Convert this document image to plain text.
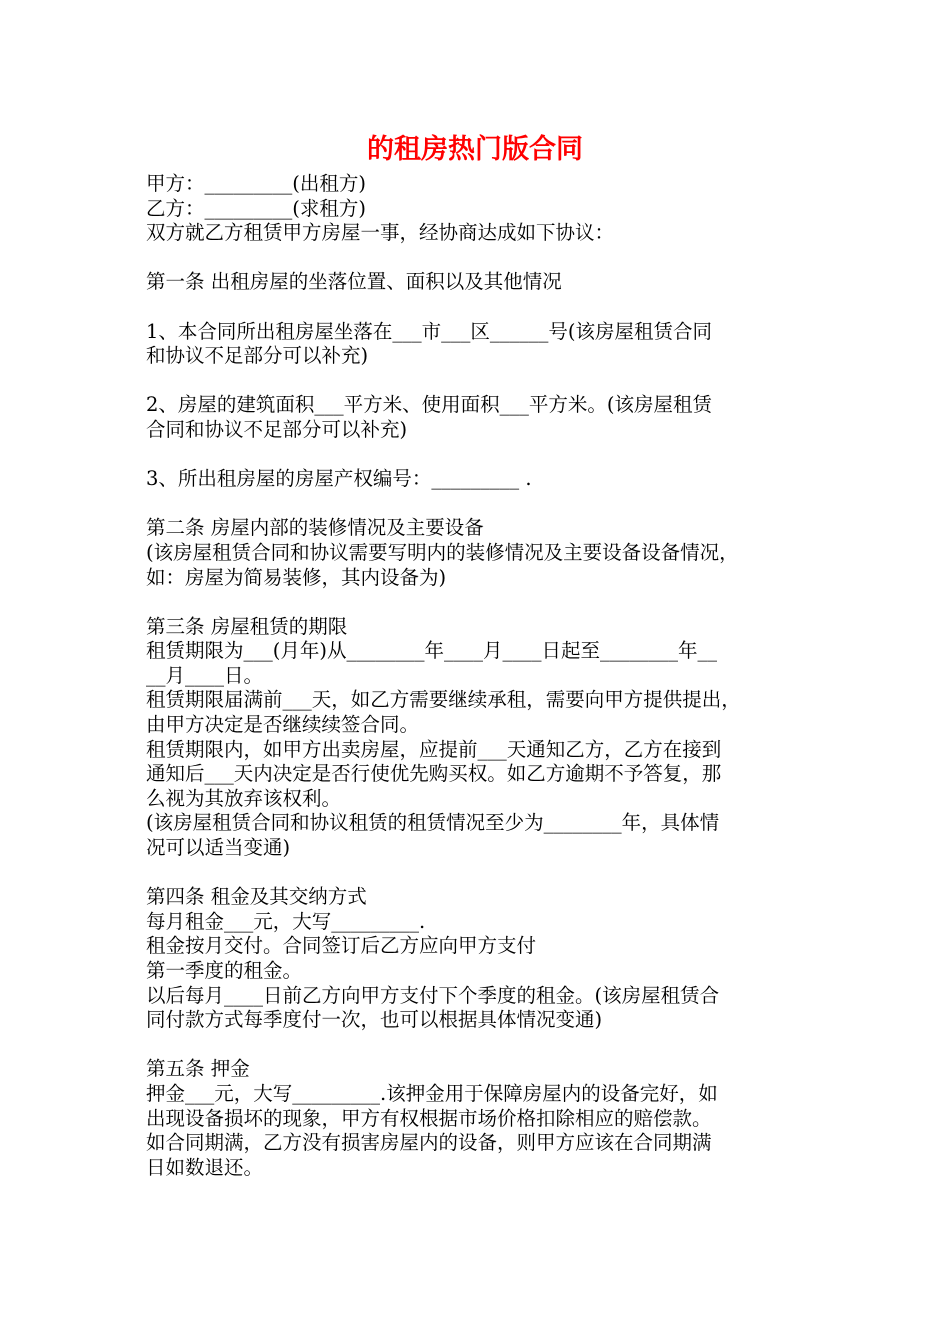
的租房热门版合同
甲方：_________(出租方)
乙方：_________(求租方)
双方就乙方租赁甲方房屋一事，经协商达成如下协议：
第一条 出租房屋的坐落位置、面积以及其他情况
1、本合同所出租房屋坐落在___市___区______号(该房屋租赁合同
和协议不足部分可以补充)
2、房屋的建筑面积___平方米、使用面积___平方米。(该房屋租赁
合同和协议不足部分可以补充)
3、所出租房屋的房屋产权编号：_________ .
第二条 房屋内部的装修情况及主要设备
(该房屋租赁合同和协议需要写明内的装修情况及主要设备设备情况，
如：房屋为简易装修，其内设备为)
第三条 房屋租赁的期限
租赁期限为___(月年)从________年____月____日起至________年__
__月____日。
租赁期限届满前___天，如乙方需要继续承租，需要向甲方提供提出，
由甲方决定是否继续续签合同。
租赁期限内，如甲方出卖房屋，应提前___天通知乙方，乙方在接到
通知后___天内决定是否行使优先购买权。如乙方逾期不予答复，那
么视为其放弃该权利。
(该房屋租赁合同和协议租赁的租赁情况至少为________年，具体情
况可以适当变通)
第四条 租金及其交纳方式
每月租金___元，大写_________.
租金按月交付。合同签订后乙方应向甲方支付
第一季度的租金。
以后每月____日前乙方向甲方支付下个季度的租金。(该房屋租赁合
同付款方式每季度付一次，也可以根据具体情况变通)
第五条 押金
押金___元，大写_________.该押金用于保障房屋内的设备完好，如
出现设备损坏的现象，甲方有权根据市场价格扣除相应的赔偿款。
如合同期满，乙方没有损害房屋内的设备，则甲方应该在合同期满
日如数退还。
